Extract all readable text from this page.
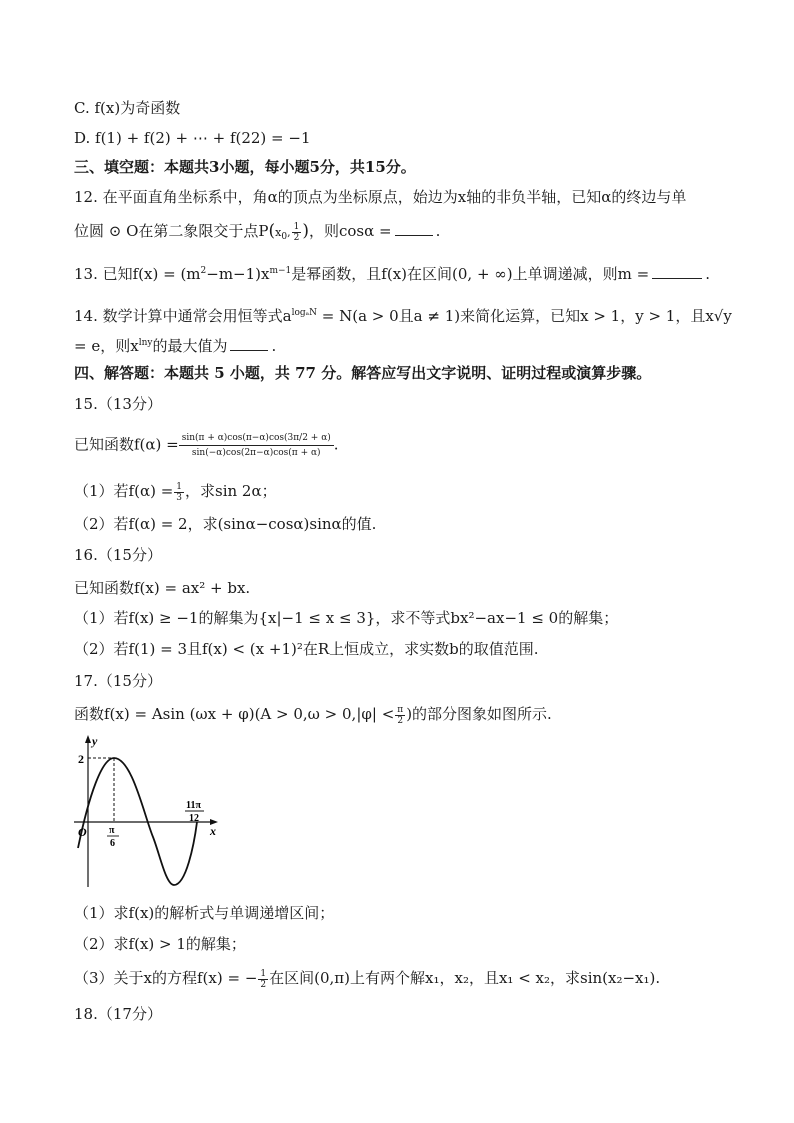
C. f(x)为奇函数
D. f(1) + f(2) + ⋯ + f(22) = −1
三、填空题：本题共3小题，每小题5分，共15分。
12. 在平面直角坐标系中，角α的顶点为坐标原点，始边为x轴的非负半轴，已知α的终边与单
位圆 ⊙ O在第二象限交于点$P(x_0$, $\frac{1}{2}$ )，则cosα =	.
13. 已知$f(x) = (m^2-m-1)x^{m-1}$是幂函数，且f(x)在区间(0, + ∞)上单调递减，则m =	.
14. 数学计算中通常会用恒等式$a^{log_aN} = N(a > 0$且a ≠ 1)来简化运算，已知x > 1，y > 1，且x√y
= e，则$x^{lny}$的最大值为	.
四、解答题：本题共 5 小题，共 77 分。解答应写出文字说明、证明过程或演算步骤。
15.（13分）
已知函数$f(\alpha) = \frac{\sin(\pi + \alpha)\cos(\pi-\alpha)\cos(3\pi/2 + \alpha)}{\sin(-\alpha)\cos(2\pi-\alpha)\cos(\pi + \alpha)}$ .
（1）若$f(\alpha) = \frac{1}{3}$ ，求sin 2α；
（2）若f(α) = 2，求(sinα−cosα)sinα的值.
16.（15分）
已知函数f(x) = ax² + bx.
（1）若f(x) ≥ −1的解集为{x|−1 ≤ x ≤ 3}，求不等式bx²−ax−1 ≤ 0的解集；
（2）若f(1) = 3且f(x) < (x +1)²在R上恒成立，求实数b的取值范围.
17.（15分）
函数f(x) = Asin $(\omega x + \varphi)(A > 0,\omega > 0,|\varphi| < \frac{\pi}{2}$ )的部分图象如图所示.
y
2
O	x
π
6
11π
12
（1）求f(x)的解析式与单调递增区间；
（2）求f(x) > 1的解集；
（3）关于x的方程f(x) = − $\frac{1}{2}$ 在区间(0,π)上有两个解x₁，x₂，且x₁ < x₂，求sin(x₂−x₁).
18.（17分）
